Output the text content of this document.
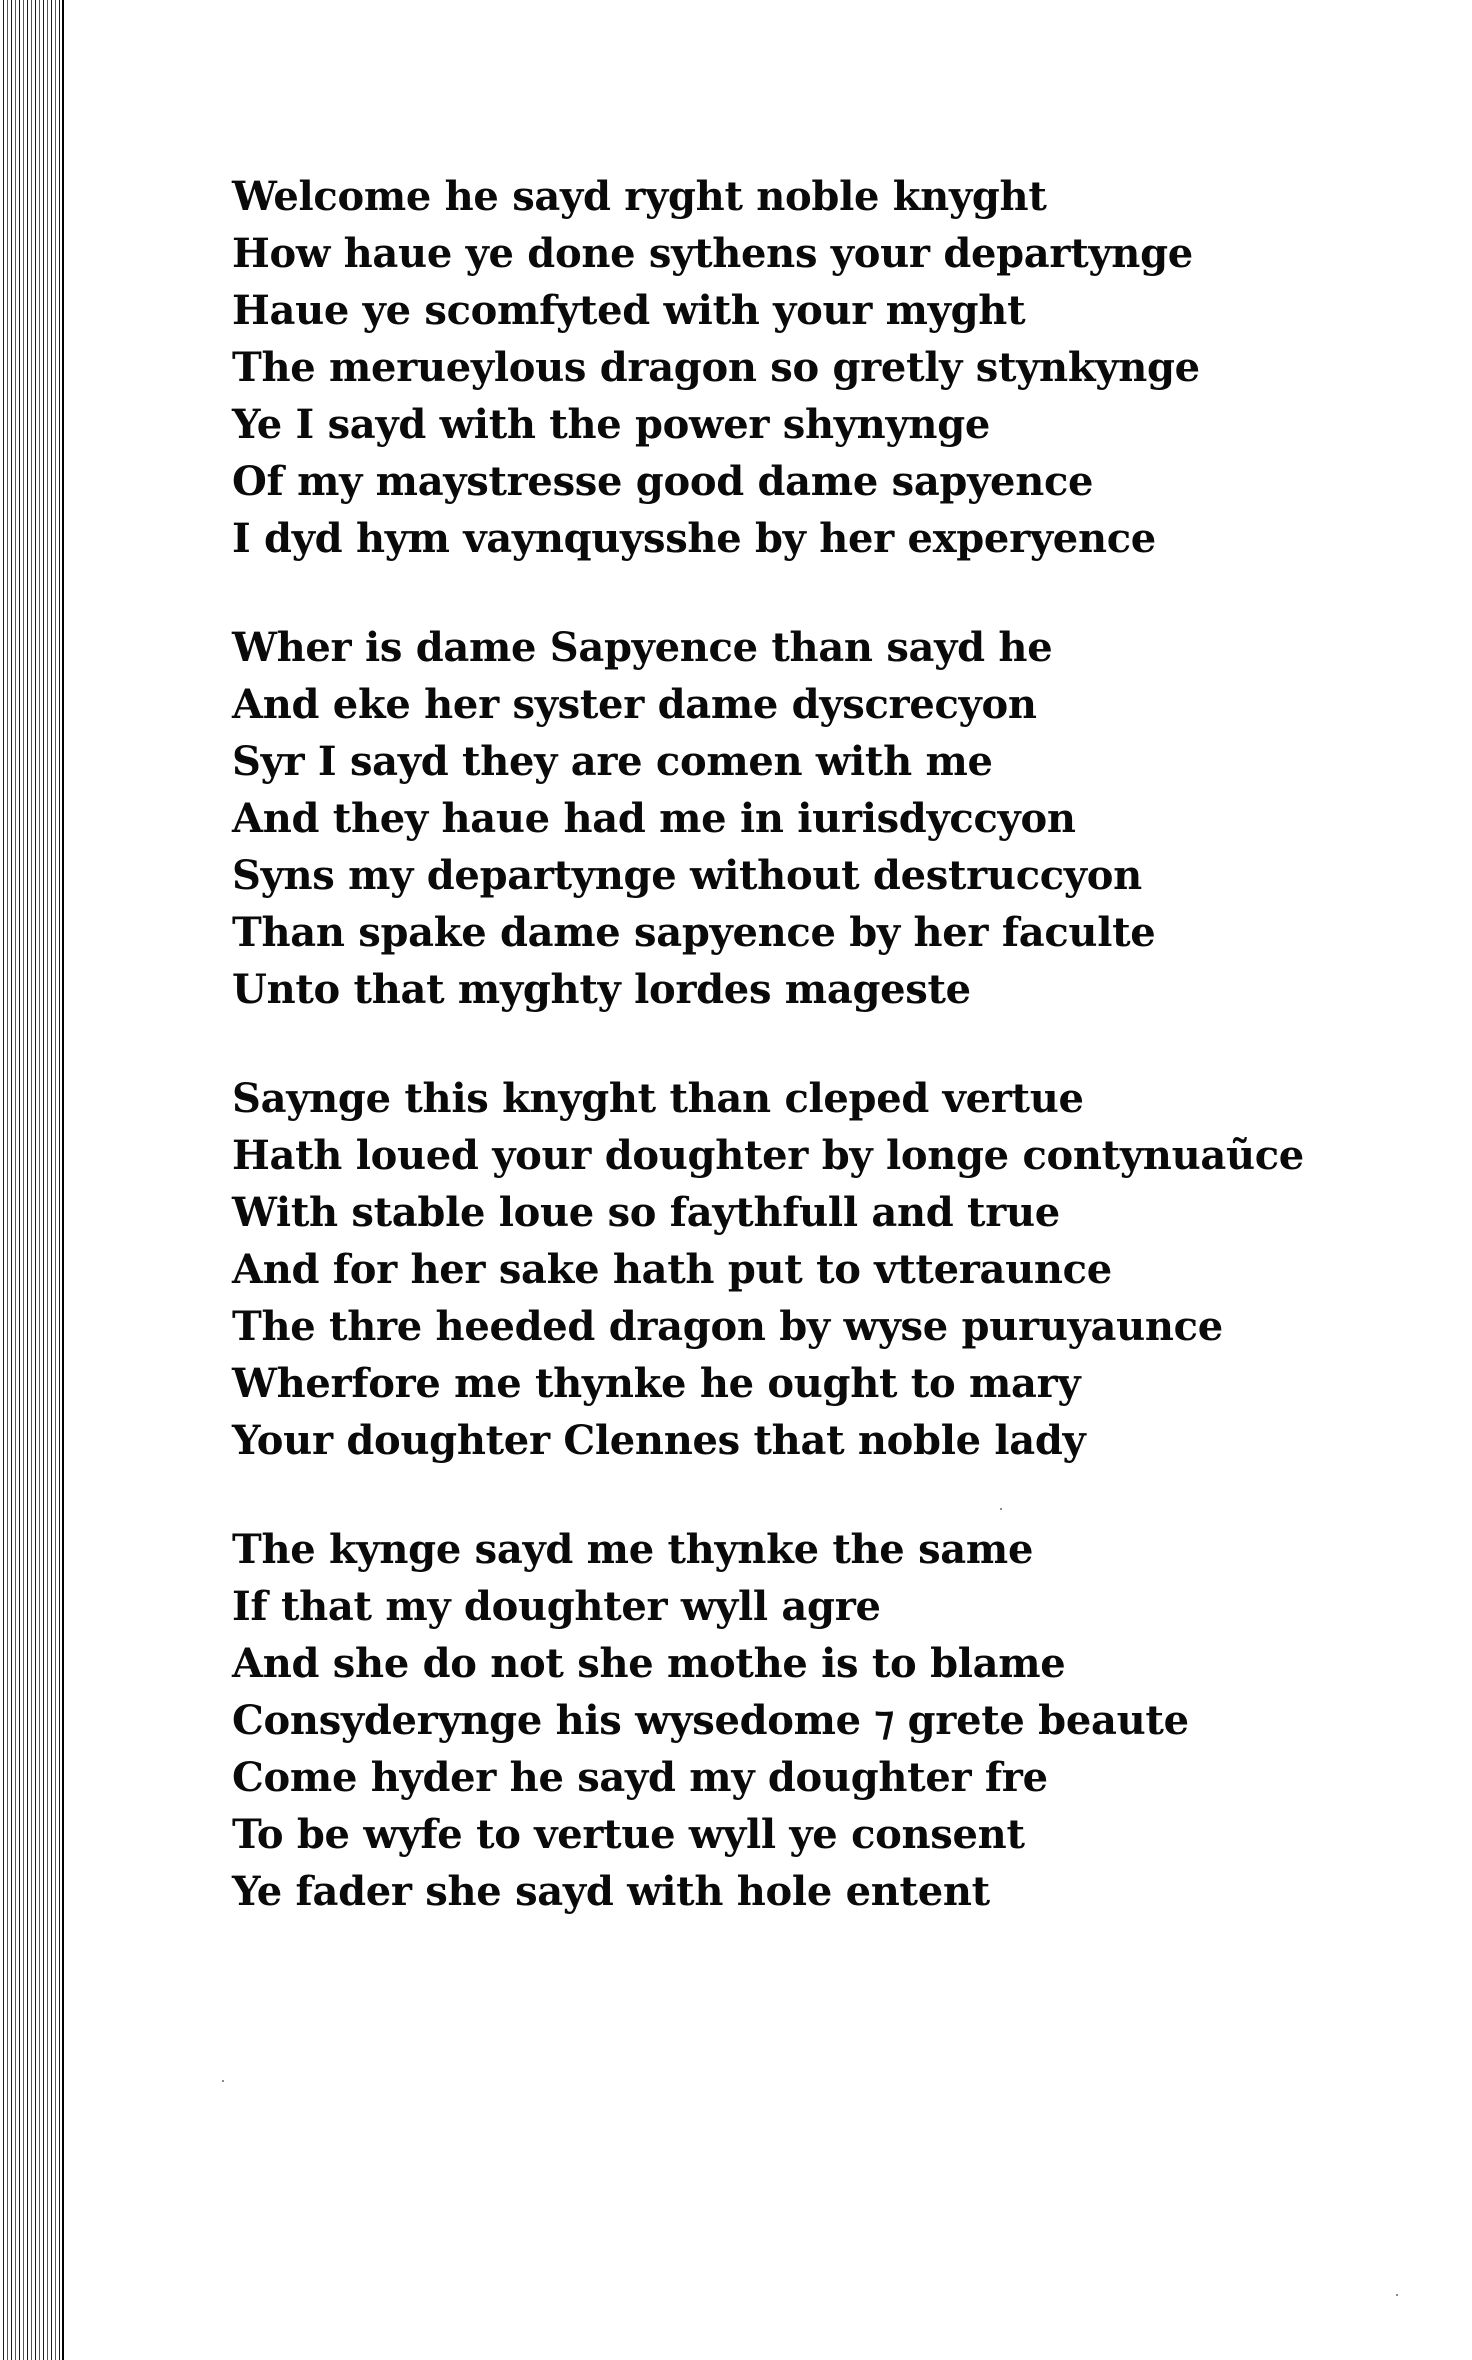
Welcome he sayd ryght noble knyght
How haue ye done sythens your departynge
Haue ye scomfyted with your myght
The merueylous dragon so gretly stynkynge
Ye I sayd with the power shynynge
Of my maystresse good dame sapyence
I dyd hym vaynquysshe by her experyence
Wher is dame Sapyence than sayd he
And eke her syster dame dyscrecyon
Syr I sayd they are comen with me
And they haue had me in iurisdyccyon
Syns my departynge without destruccyon
Than spake dame sapyence by her faculte
Unto that myghty lordes mageste
Saynge this knyght than cleped vertue
Hath loued your doughter by longe contynuaũce
With stable loue so faythfull and true
And for her sake hath put to vtteraunce
The thre heeded dragon by wyse puruyaunce
Wherfore me thynke he ought to mary
Your doughter Clennes that noble lady
The kynge sayd me thynke the same
If that my doughter wyll agre
And she do not she mothe is to blame
Consyderynge his wysedome ⁊ grete beaute
Come hyder he sayd my doughter fre
To be wyfe to vertue wyll ye consent
Ye fader she sayd with hole entent
